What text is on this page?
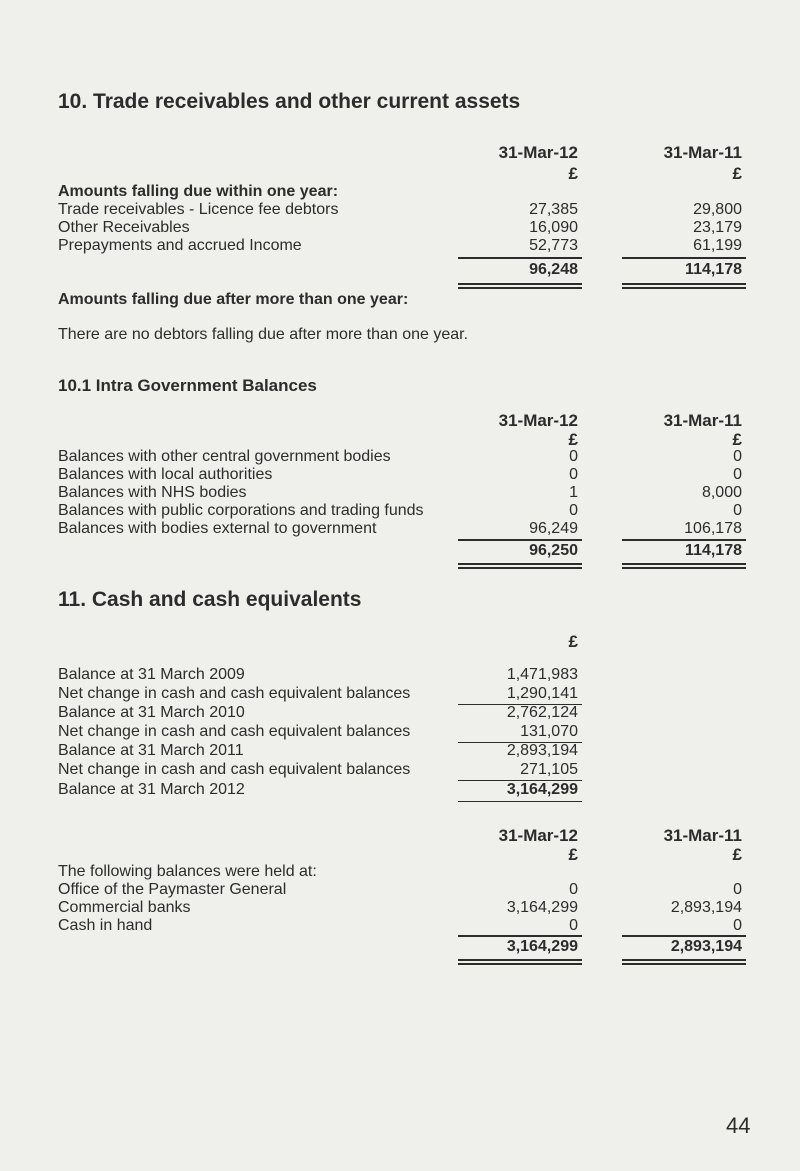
10. Trade receivables and other current assets
31-Mar-12	31-Mar-11
£	£
Amounts falling due within one year:
Trade receivables - Licence fee debtors	27,385	29,800
Other Receivables	16,090	23,179
Prepayments and accrued Income	52,773	61,199
96,248	114,178
Amounts falling due after more than one year:
There are no debtors falling due after more than one year.
10.1 Intra Government Balances
31-Mar-12	31-Mar-11
£	£
Balances with other central government bodies	0	0
Balances with local authorities	0	0
Balances with NHS bodies	1	8,000
Balances with public corporations and trading funds	0	0
Balances with bodies external to government	96,249	106,178
96,250	114,178
11. Cash and cash equivalents
£
Balance at 31 March 2009	1,471,983
Net change in cash and cash equivalent balances	1,290,141
Balance at 31 March 2010	2,762,124
Net change in cash and cash equivalent balances	131,070
Balance at 31 March 2011	2,893,194
Net change in cash and cash equivalent balances	271,105
Balance at 31 March 2012	3,164,299
31-Mar-12	31-Mar-11
£	£
The following balances were held at:
Office of the Paymaster General	0	0
Commercial banks	3,164,299	2,893,194
Cash in hand	0	0
3,164,299	2,893,194
44
